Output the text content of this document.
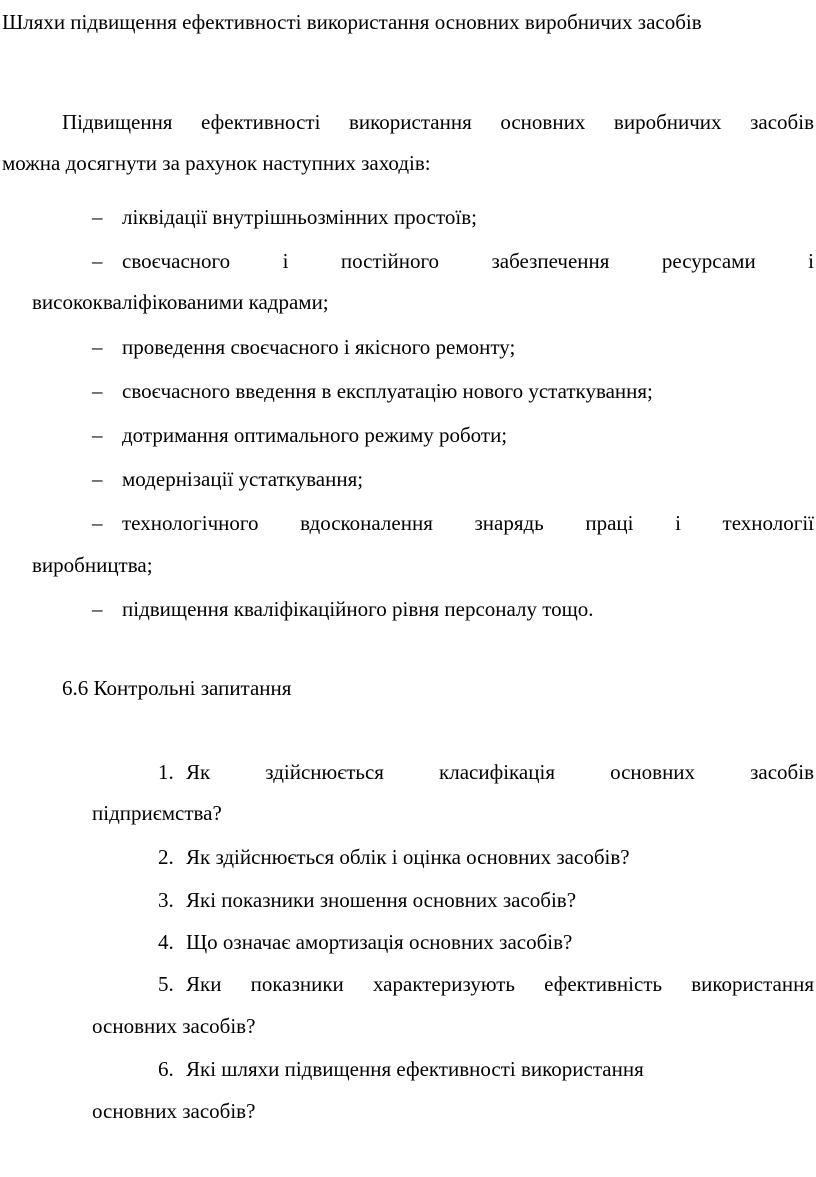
Шляхи підвищення ефективності використання основних виробничих засобів
Підвищення ефективності використання основних виробничих засобів
можна досягнути за рахунок наступних заходів:
– ліквідації внутрішньозмінних простоїв;
– своєчасного і постійного забезпечення ресурсами і
висококваліфікованими кадрами;
– проведення своєчасного і якісного ремонту;
– своєчасного введення в експлуатацію нового устаткування;
– дотримання оптимального режиму роботи;
– модернізації устаткування;
– технологічного вдосконалення знарядь праці і технології
виробництва;
– підвищення кваліфікаційного рівня персоналу тощо.
6.6 Контрольні запитання
1. Як здійснюється класифікація основних засобів
підприємства?
2. Як здійснюється облік і оцінка основних засобів?
3. Які показники зношення основних засобів?
4. Що означає амортизація основних засобів?
5. Яки показники характеризують ефективність використання
основних засобів?
6. Які шляхи підвищення ефективності використання
основних засобів?
